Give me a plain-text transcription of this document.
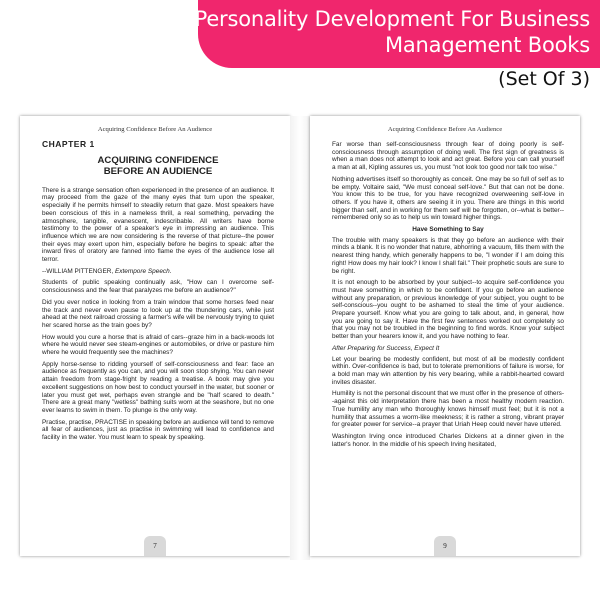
Personality Development For Business
Management Books
(Set Of 3)
Acquiring Confidence Before An Audience
CHAPTER 1
ACQUIRING CONFIDENCE
BEFORE AN AUDIENCE

There is a strange sensation often experienced in the presence of an audience. It may proceed from the gaze of the many eyes that turn upon the speaker, especially if he permits himself to steadily return that gaze. Most speakers have been conscious of this in a nameless thrill, a real something, pervading the atmosphere, tangible, evanescent, indescribable. All writers have borne testimony to the power of a speaker's eye in impressing an audience. This influence which we are now considering is the reverse of that picture--the power their eyes may exert upon him, especially before he begins to speak: after the inward fires of oratory are fanned into flame the eyes of the audience lose all terror.

--WILLIAM PITTENGER, Extempore Speech.

Students of public speaking continually ask, "How can I overcome self-consciousness and the fear that paralyzes me before an audience?"

Did you ever notice in looking from a train window that some horses feed near the track and never even pause to look up at the thundering cars, while just ahead at the next railroad crossing a farmer's wife will be nervously trying to quiet her scared horse as the train goes by?

How would you cure a horse that is afraid of cars--graze him in a back-woods lot where he would never see steam-engines or automobiles, or drive or pasture him where he would frequently see the machines?

Apply horse-sense to ridding yourself of self-consciousness and fear: face an audience as frequently as you can, and you will soon stop shying. You can never attain freedom from stage-fright by reading a treatise. A book may give you excellent suggestions on how best to conduct yourself in the water, but sooner or later you must get wet, perhaps even strangle and be "half scared to death." There are a great many "wetless" bathing suits worn at the seashore, but no one ever learns to swim in them. To plunge is the only way.

Practise, practise, PRACTISE in speaking before an audience will tend to remove all fear of audiences, just as practise in swimming will lead to confidence and facility in the water. You must learn to speak by speaking.

7
Acquiring Confidence Before An Audience

Far worse than self-consciousness through fear of doing poorly is self-consciousness through assumption of doing well. The first sign of greatness is when a man does not attempt to look and act great. Before you can call yourself a man at all, Kipling assures us, you must "not look too good nor talk too wise."

Nothing advertises itself so thoroughly as conceit. One may be so full of self as to be empty. Voltaire said, "We must conceal self-love." But that can not be done. You know this to be true, for you have recognized overweening self-love in others. If you have it, others are seeing it in you. There are things in this world bigger than self, and in working for them self will be forgotten, or--what is better--remembered only so as to help us win toward higher things.

Have Something to Say

The trouble with many speakers is that they go before an audience with their minds a blank. It is no wonder that nature, abhorring a vacuum, fills them with the nearest thing handy, which generally happens to be, "I wonder if I am doing this right! How does my hair look? I know I shall fail." Their prophetic souls are sure to be right.

It is not enough to be absorbed by your subject--to acquire self-confidence you must have something in which to be confident. If you go before an audience without any preparation, or previous knowledge of your subject, you ought to be self-conscious--you ought to be ashamed to steal the time of your audience. Prepare yourself. Know what you are going to talk about, and, in general, how you are going to say it. Have the first few sentences worked out completely so that you may not be troubled in the beginning to find words. Know your subject better than your hearers know it, and you have nothing to fear.

After Preparing for Success, Expect It

Let your bearing be modestly confident, but most of all be modestly confident within. Over-confidence is bad, but to tolerate premonitions of failure is worse, for a bold man may win attention by his very bearing, while a rabbit-hearted coward invites disaster.

Humility is not the personal discount that we must offer in the presence of others--against this old interpretation there has been a most healthy modern reaction. True humility any man who thoroughly knows himself must feel; but it is not a humility that assumes a worm-like meekness; it is rather a strong, vibrant prayer for greater power for service--a prayer that Uriah Heep could never have uttered.

Washington Irving once introduced Charles Dickens at a dinner given in the latter's honor. In the middle of his speech Irving hesitated,

9
